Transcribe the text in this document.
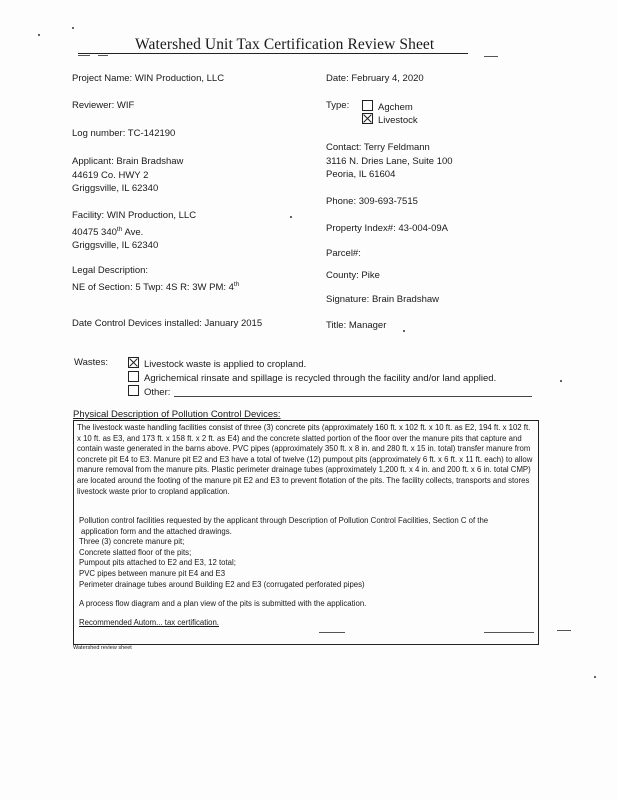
Watershed Unit Tax Certification Review Sheet
Project Name: WIN Production, LLC
Reviewer: WIF
Log number: TC-142190
Applicant: Brain Bradshaw
44619 Co. HWY 2
Griggsville, IL 62340
Facility: WIN Production, LLC
40475 340th Ave.
Griggsville, IL 62340
Legal Description:
NE of Section: 5 Twp: 4S R: 3W PM: 4th
Date Control Devices installed: January 2015
Date: February 4, 2020
Type:	Agchem
Livestock
Contact: Terry Feldmann
3116 N. Dries Lane, Suite 100
Peoria, IL 61604
Phone: 309-693-7515
Property Index#: 43-004-09A
Parcel#:
County: Pike
Signature: Brain Bradshaw
Title: Manager
Wastes:	Livestock waste is applied to cropland.
Agrichemical rinsate and spillage is recycled through the facility and/or land applied.
Other:
Physical Description of Pollution Control Devices:
The livestock waste handling facilities consist of three (3) concrete pits (approximately 160 ft. x 102 ft. x 10 ft. as E2, 194 ft. x 102 ft. x 10 ft. as E3, and 173 ft. x 158 ft. x 2 ft. as E4) and the concrete slatted portion of the floor over the manure pits that capture and contain waste generated in the barns above. PVC pipes (approximately 350 ft. x 8 in. and 280 ft. x 15 in. total) transfer manure from concrete pit E4 to E3. Manure pit E2 and E3 have a total of twelve (12) pumpout pits (approximately 6 ft. x 6 ft. x 11 ft. each) to allow manure removal from the manure pits. Plastic perimeter drainage tubes (approximately 1,200 ft. x 4 in. and 200 ft. x 6 in. total CMP) are located around the footing of the manure pit E2 and E3 to prevent flotation of the pits. The facility collects, transports and stores livestock waste prior to cropland application.
Pollution control facilities requested by the applicant through Description of Pollution Control Facilities, Section C of the
application form and the attached drawings.
Three (3) concrete manure pit;
Concrete slatted floor of the pits;
Pumpout pits attached to E2 and E3, 12 total;
PVC pipes between manure pit E4 and E3
Perimeter drainage tubes around Building E2 and E3 (corrugated perforated pipes)
A process flow diagram and a plan view of the pits is submitted with the application.
Recommended Autom... tax certification.
Watershed review sheet
